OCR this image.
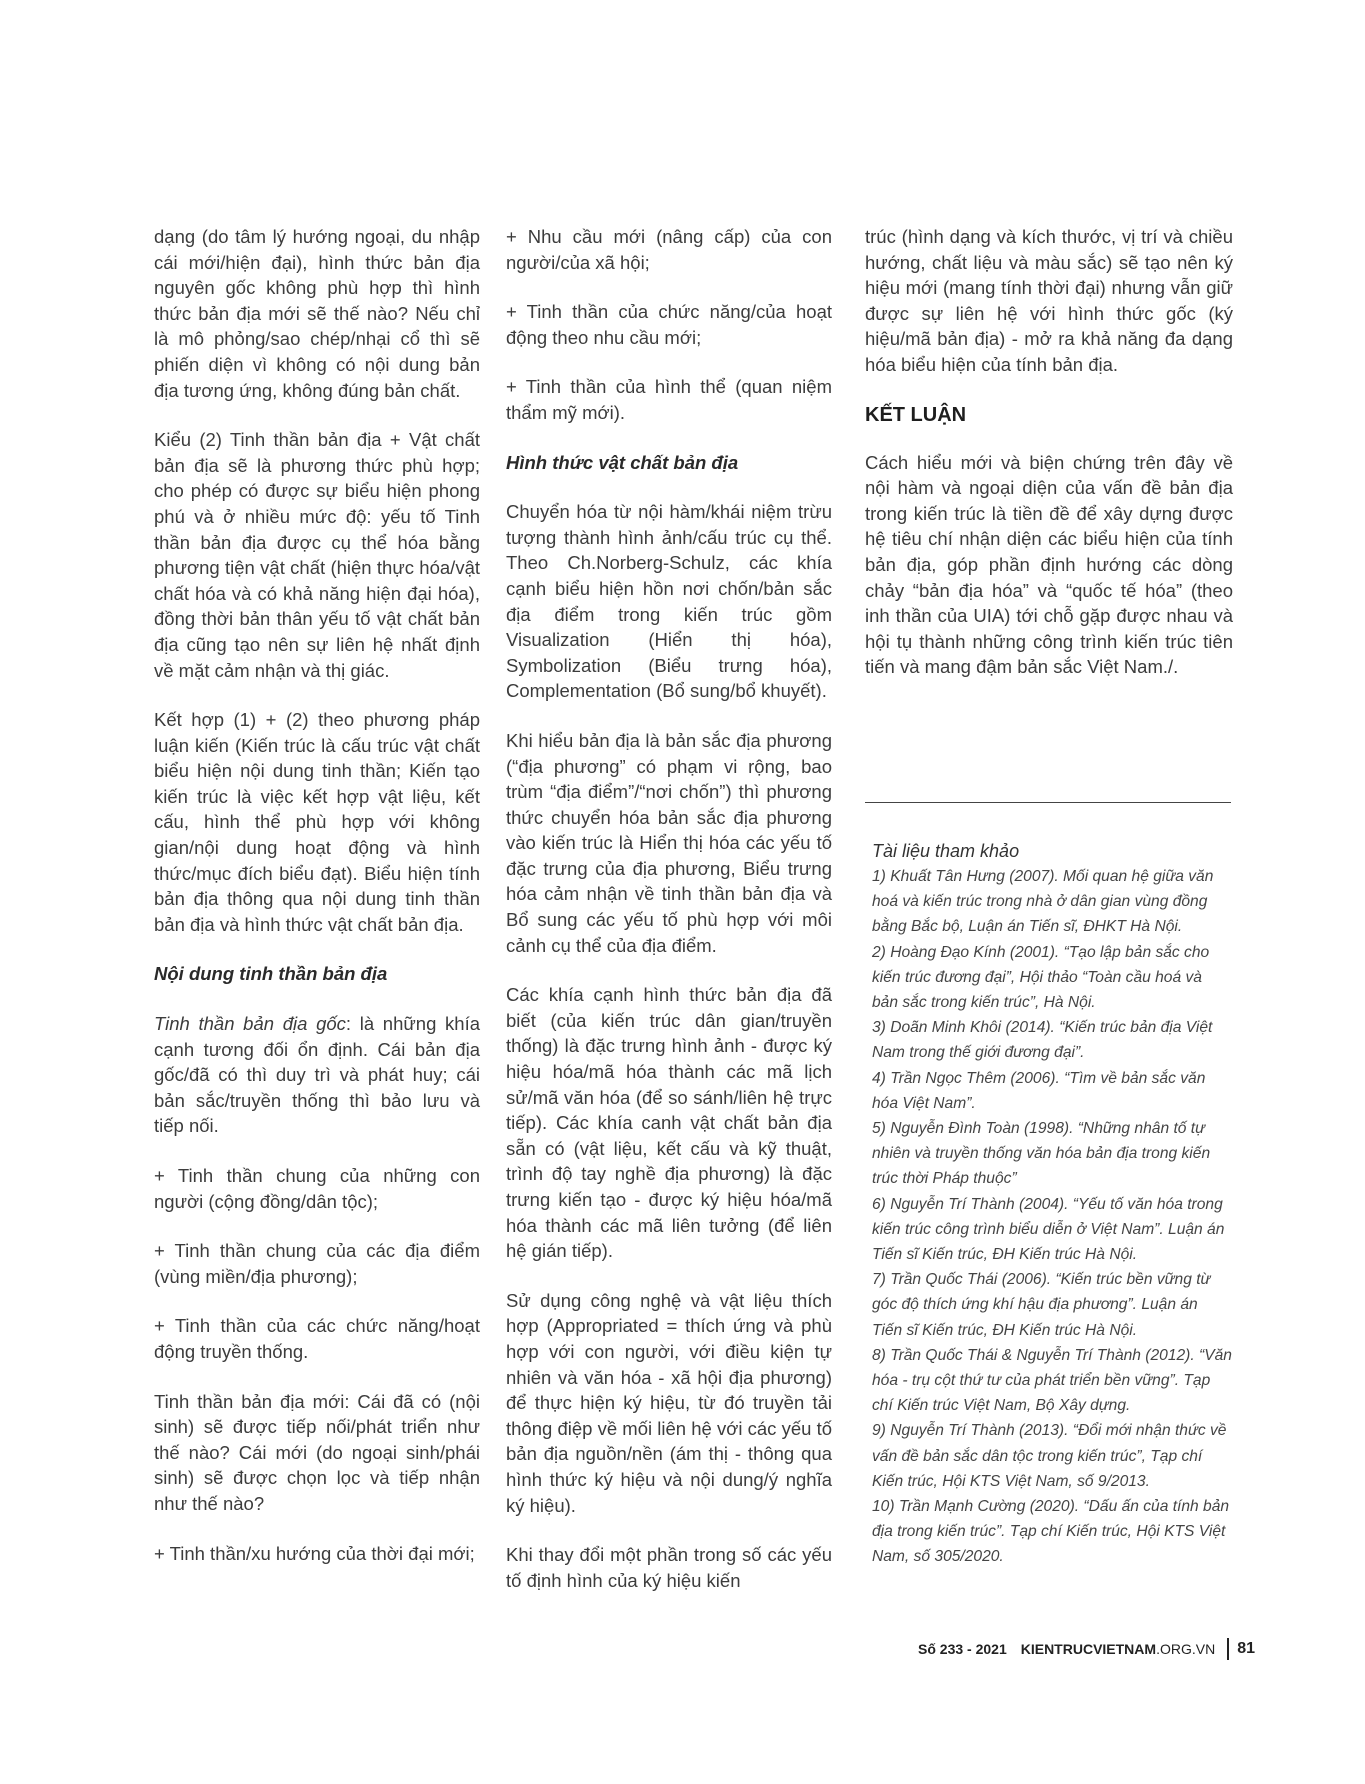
dạng (do tâm lý hướng ngoại, du nhập cái mới/hiện đại), hình thức bản địa nguyên gốc không phù hợp thì hình thức bản địa mới sẽ thế nào? Nếu chỉ là mô phỏng/sao chép/nhại cổ thì sẽ phiến diện vì không có nội dung bản địa tương ứng, không đúng bản chất.

Kiểu (2) Tinh thần bản địa + Vật chất bản địa sẽ là phương thức phù hợp; cho phép có được sự biểu hiện phong phú và ở nhiều mức độ: yếu tố Tinh thần bản địa được cụ thể hóa bằng phương tiện vật chất (hiện thực hóa/vật chất hóa và có khả năng hiện đại hóa), đồng thời bản thân yếu tố vật chất bản địa cũng tạo nên sự liên hệ nhất định về mặt cảm nhận và thị giác.

Kết hợp (1) + (2) theo phương pháp luận kiến (Kiến trúc là cấu trúc vật chất biểu hiện nội dung tinh thần; Kiến tạo kiến trúc là việc kết hợp vật liệu, kết cấu, hình thể phù hợp với không gian/nội dung hoạt động và hình thức/mục đích biểu đạt). Biểu hiện tính bản địa thông qua nội dung tinh thần bản địa và hình thức vật chất bản địa.

Nội dung tinh thần bản địa

Tinh thần bản địa gốc: là những khía cạnh tương đối ổn định. Cái bản địa gốc/đã có thì duy trì và phát huy; cái bản sắc/truyền thống thì bảo lưu và tiếp nối.

+ Tinh thần chung của những con người (cộng đồng/dân tộc);

+ Tinh thần chung của các địa điểm (vùng miền/địa phương);

+ Tinh thần của các chức năng/hoạt động truyền thống.

Tinh thần bản địa mới: Cái đã có (nội sinh) sẽ được tiếp nối/phát triển như thế nào? Cái mới (do ngoại sinh/phái sinh) sẽ được chọn lọc và tiếp nhận như thế nào?

+ Tinh thần/xu hướng của thời đại mới;

+ Nhu cầu mới (nâng cấp) của con người/của xã hội;

+ Tinh thần của chức năng/của hoạt động theo nhu cầu mới;

+ Tinh thần của hình thể (quan niệm thẩm mỹ mới).

Hình thức vật chất bản địa

Chuyển hóa từ nội hàm/khái niệm trừu tượng thành hình ảnh/cấu trúc cụ thể. Theo Ch.Norberg-Schulz, các khía cạnh biểu hiện hồn nơi chốn/bản sắc địa điểm trong kiến trúc gồm Visualization (Hiển thị hóa), Symbolization (Biểu trưng hóa), Complementation (Bổ sung/bổ khuyết).

Khi hiểu bản địa là bản sắc địa phương (“địa phương” có phạm vi rộng, bao trùm “địa điểm”/“nơi chốn”) thì phương thức chuyển hóa bản sắc địa phương vào kiến trúc là Hiển thị hóa các yếu tố đặc trưng của địa phương, Biểu trưng hóa cảm nhận về tinh thần bản địa và Bổ sung các yếu tố phù hợp với môi cảnh cụ thể của địa điểm.

Các khía cạnh hình thức bản địa đã biết (của kiến trúc dân gian/truyền thống) là đặc trưng hình ảnh - được ký hiệu hóa/mã hóa thành các mã lịch sử/mã văn hóa (để so sánh/liên hệ trực tiếp). Các khía canh vật chất bản địa sẵn có (vật liệu, kết cấu và kỹ thuật, trình độ tay nghề địa phương) là đặc trưng kiến tạo - được ký hiệu hóa/mã hóa thành các mã liên tưởng (để liên hệ gián tiếp).

Sử dụng công nghệ và vật liệu thích hợp (Appropriated = thích ứng và phù hợp với con người, với điều kiện tự nhiên và văn hóa - xã hội địa phương) để thực hiện ký hiệu, từ đó truyền tải thông điệp về mối liên hệ với các yếu tố bản địa nguồn/nền (ám thị - thông qua hình thức ký hiệu và nội dung/ý nghĩa ký hiệu).

Khi thay đổi một phần trong số các yếu tố định hình của ký hiệu kiến

trúc (hình dạng và kích thước, vị trí và chiều hướng, chất liệu và màu sắc) sẽ tạo nên ký hiệu mới (mang tính thời đại) nhưng vẫn giữ được sự liên hệ với hình thức gốc (ký hiệu/mã bản địa) - mở ra khả năng đa dạng hóa biểu hiện của tính bản địa.

KẾT LUẬN

Cách hiểu mới và biện chứng trên đây về nội hàm và ngoại diện của vấn đề bản địa trong kiến trúc là tiền đề để xây dựng được hệ tiêu chí nhận diện các biểu hiện của tính bản địa, góp phần định hướng các dòng chảy “bản địa hóa” và “quốc tế hóa” (theo inh thần của UIA) tới chỗ gặp được nhau và hội tụ thành những công trình kiến trúc tiên tiến và mang đậm bản sắc Việt Nam./.

Tài liệu tham khảo

1) Khuất Tân Hưng (2007). Mối quan hệ giữa văn hoá và kiến trúc trong nhà ở dân gian vùng đồng bằng Bắc bộ, Luận án Tiến sĩ, ĐHKT Hà Nội.

2) Hoàng Đạo Kính (2001). “Tạo lập bản sắc cho kiến trúc đương đại”, Hội thảo “Toàn cầu hoá và bản sắc trong kiến trúc”, Hà Nội.

3) Doãn Minh Khôi (2014). “Kiến trúc bản địa Việt Nam trong thế giới đương đại”.

4) Trần Ngọc Thêm (2006). “Tìm về bản sắc văn hóa Việt Nam”.

5) Nguyễn Đình Toàn (1998). “Những nhân tố tự nhiên và truyền thống văn hóa bản địa trong kiến trúc thời Pháp thuộc”

6) Nguyễn Trí Thành (2004). “Yếu tố văn hóa trong kiến trúc công trình biểu diễn ở Việt Nam”. Luận án Tiến sĩ Kiến trúc, ĐH Kiến trúc Hà Nội.

7) Trần Quốc Thái (2006). “Kiến trúc bền vững từ góc độ thích ứng khí hậu địa phương”. Luận án Tiến sĩ Kiến trúc, ĐH Kiến trúc Hà Nội.

8) Trần Quốc Thái & Nguyễn Trí Thành (2012). “Văn hóa - trụ cột thứ tư của phát triển bền vững”. Tạp chí Kiến trúc Việt Nam, Bộ Xây dựng.

9) Nguyễn Trí Thành (2013). “Đổi mới nhận thức về vấn đề bản sắc dân tộc trong kiến trúc”, Tạp chí Kiến trúc, Hội KTS Việt Nam, số 9/2013.

10) Trần Mạnh Cường (2020). “Dấu ấn của tính bản địa trong kiến trúc”. Tạp chí Kiến trúc, Hội KTS Việt Nam, số 305/2020.

Số 233 - 2021 KIENTRUCVIETNAM.ORG.VN 81
